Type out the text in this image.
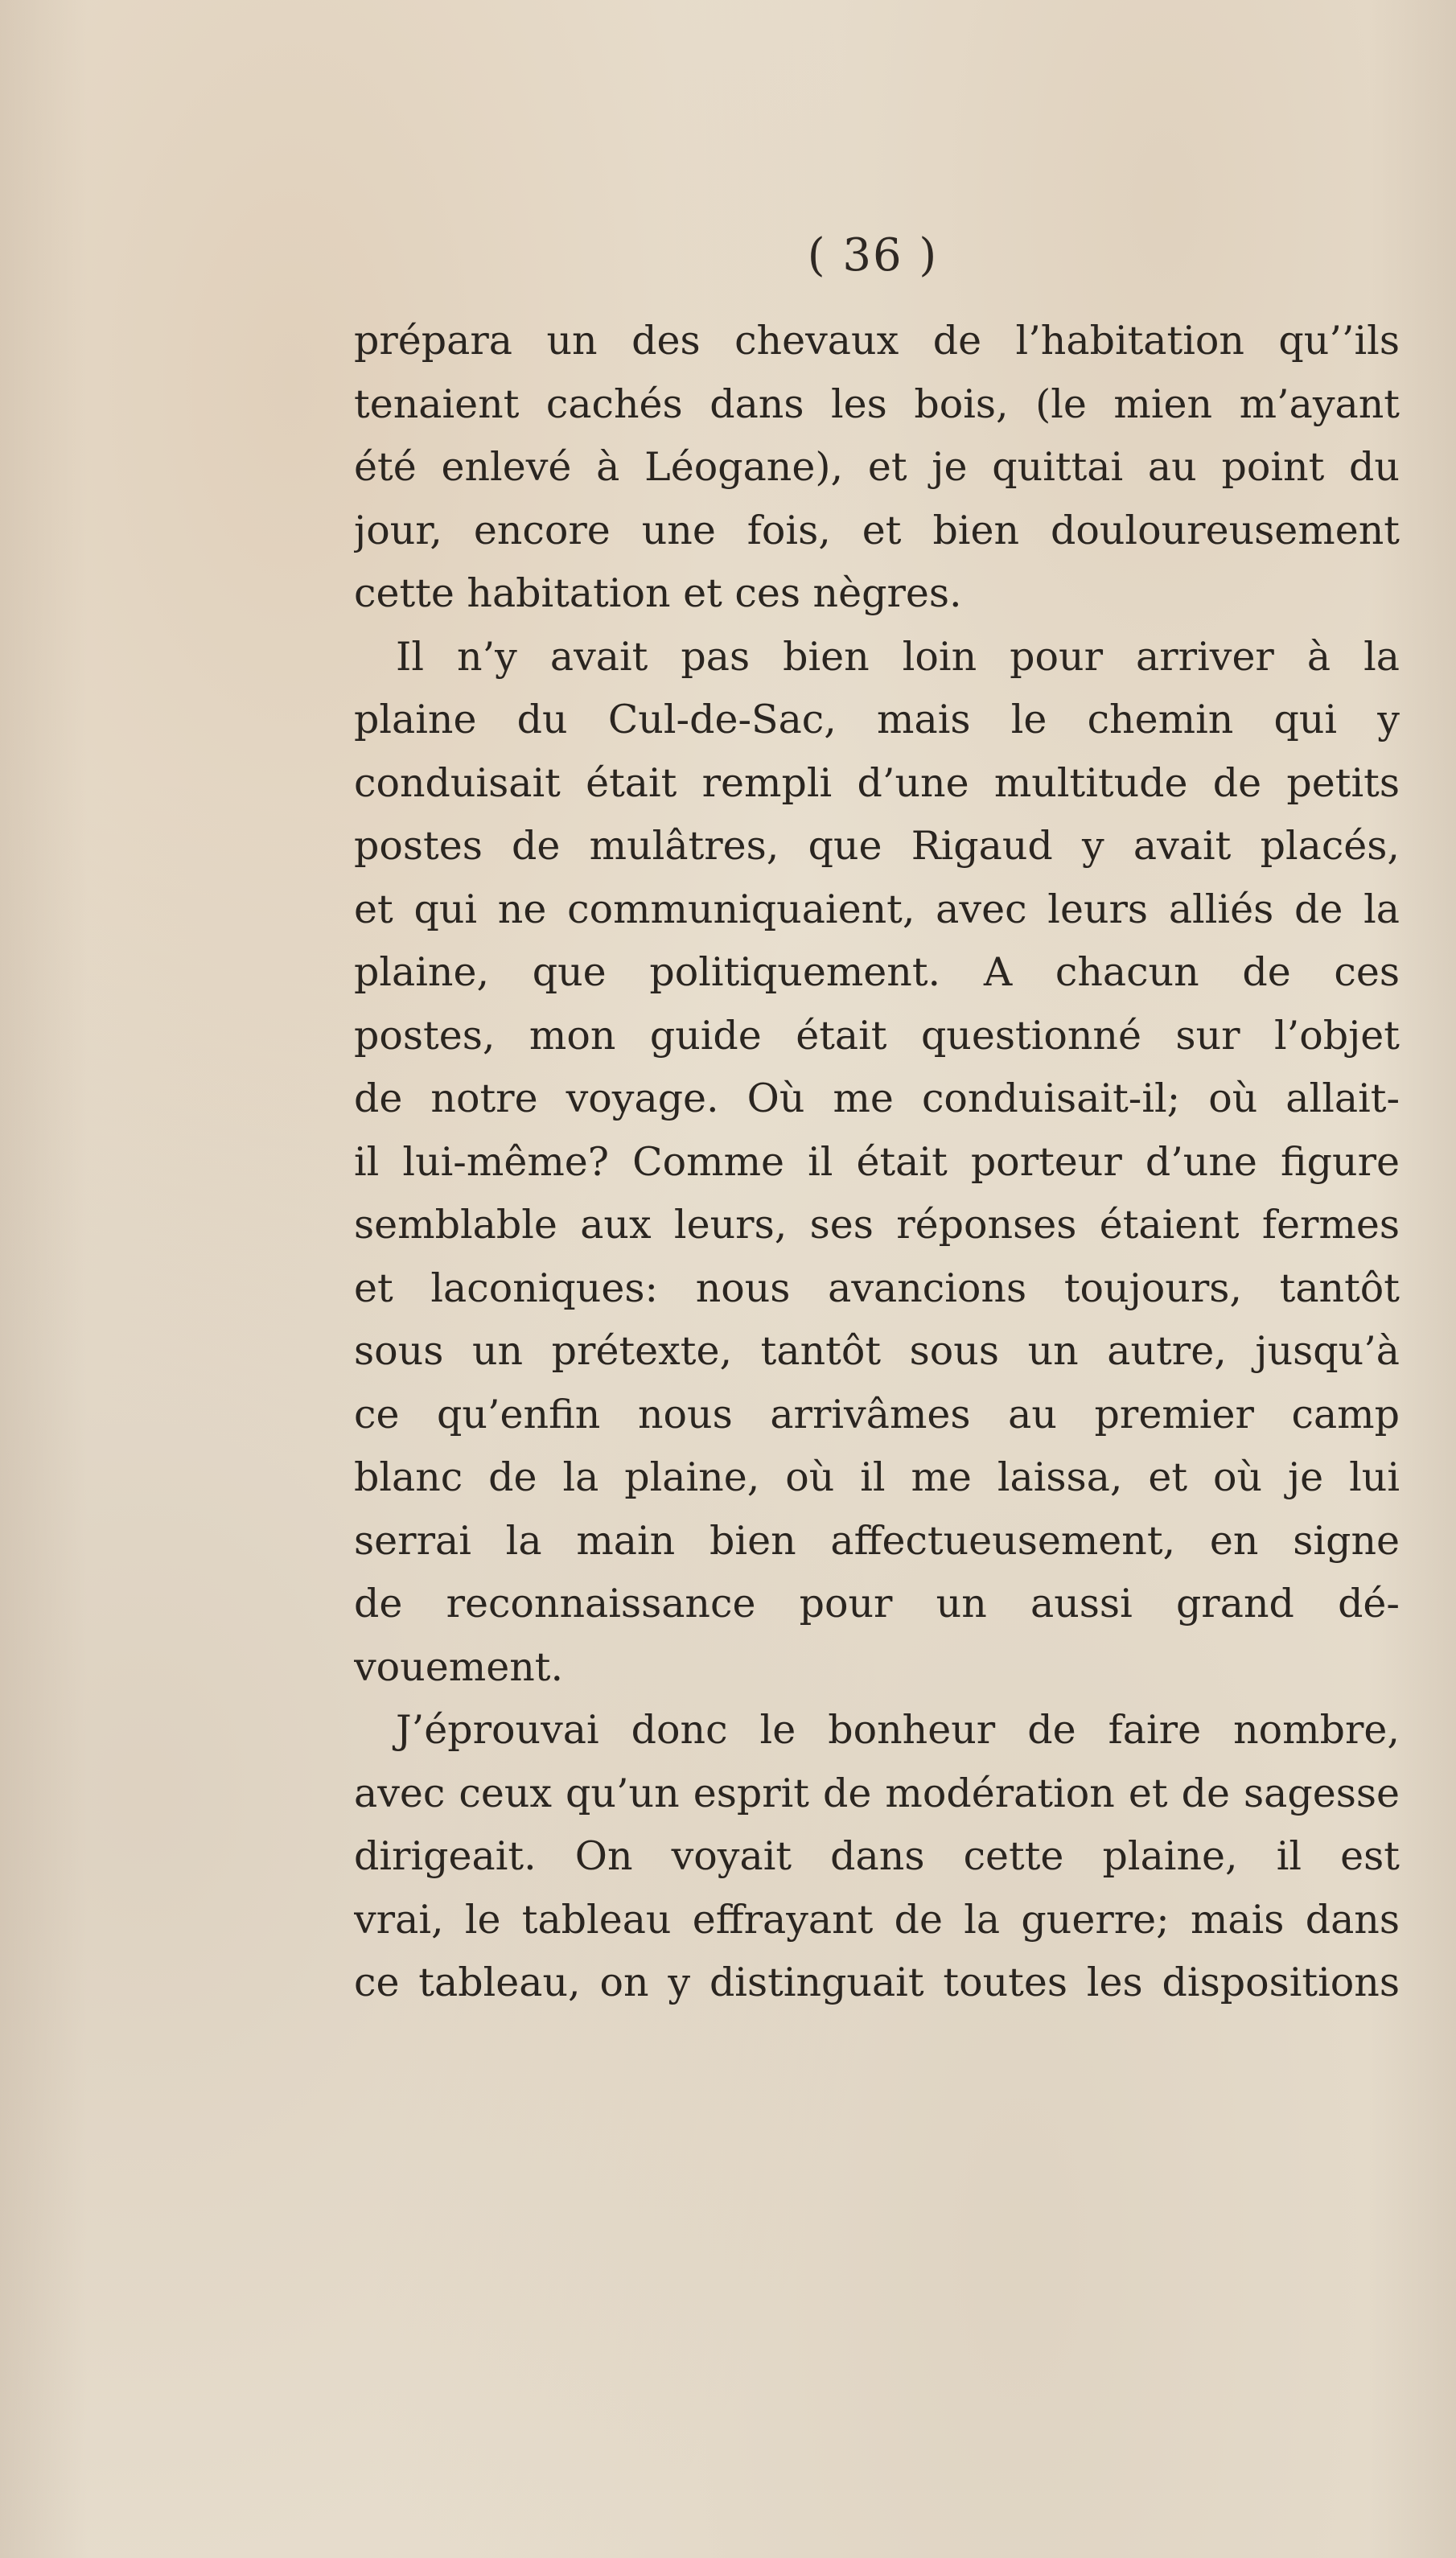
( 36 )
prépara un des chevaux de l’habitation qu’’ils
tenaient cachés dans les bois, (le mien m’ayant
été enlevé à Léogane), et je quittai au point du
jour, encore une fois, et bien douloureusement
cette habitation et ces nègres.
Il n’y avait pas bien loin pour arriver à la
plaine du Cul-de-Sac, mais le chemin qui y
conduisait était rempli d’une multitude de petits
postes de mulâtres, que Rigaud y avait placés,
et qui ne communiquaient, avec leurs alliés de la
plaine, que politiquement. A chacun de ces
postes, mon guide était questionné sur l’objet
de notre voyage. Où me conduisait-il; où allait-
il lui-même? Comme il était porteur d’une figure
semblable aux leurs, ses réponses étaient fermes
et laconiques: nous avancions toujours, tantôt
sous un prétexte, tantôt sous un autre, jusqu’à
ce qu’enfin nous arrivâmes au premier camp
blanc de la plaine, où il me laissa, et où je lui
serrai la main bien affectueusement, en signe
de reconnaissance pour un aussi grand dé-
vouement.
J’éprouvai donc le bonheur de faire nombre,
avec ceux qu’un esprit de modération et de sagesse
dirigeait. On voyait dans cette plaine, il est
vrai, le tableau effrayant de la guerre; mais dans
ce tableau, on y distinguait toutes les dispositions
